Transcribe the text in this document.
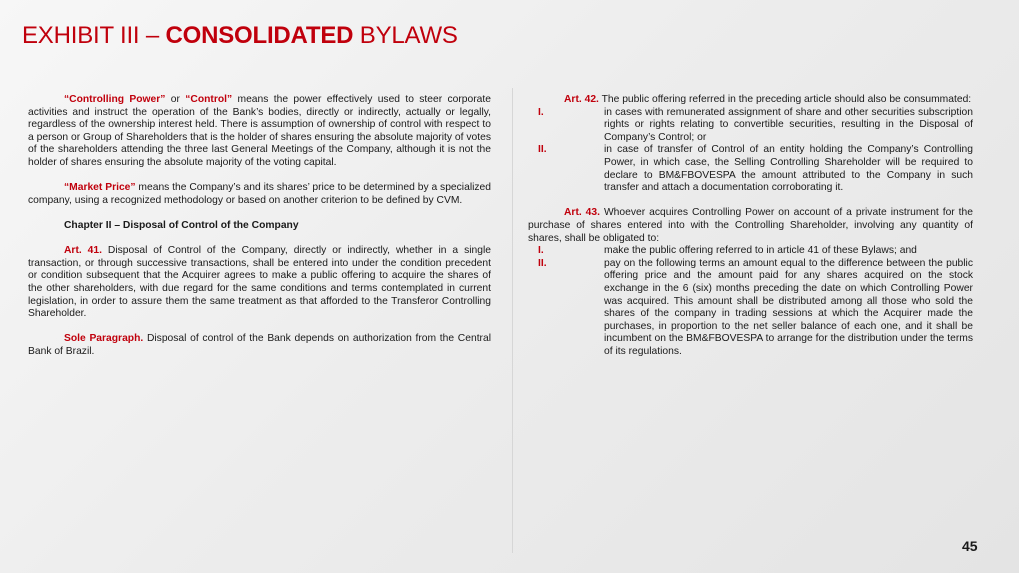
EXHIBIT III – CONSOLIDATED BYLAWS

“Controlling Power” or “Control” means the power effectively used to steer corporate activities and instruct the operation of the Bank’s bodies, directly or indirectly, actually or legally, regardless of the ownership interest held. There is assumption of ownership of control with respect to a person or Group of Shareholders that is the holder of shares ensuring the absolute majority of votes of the shareholders attending the three last General Meetings of the Company, although it is not the holder of shares ensuring the absolute majority of the voting capital.

“Market Price” means the Company’s and its shares’ price to be determined by a specialized company, using a recognized methodology or based on another criterion to be defined by CVM.

Chapter II – Disposal of Control of the Company

Art. 41. Disposal of Control of the Company, directly or indirectly, whether in a single transaction, or through successive transactions, shall be entered into under the condition precedent or condition subsequent that the Acquirer agrees to make a public offering to acquire the shares of the other shareholders, with due regard for the same conditions and terms contemplated in current legislation, in order to assure them the same treatment as that afforded to the Transferor Controlling Shareholder.

Sole Paragraph. Disposal of control of the Bank depends on authorization from the Central Bank of Brazil.

Art. 42. The public offering referred in the preceding article should also be consummated:
I.	in cases with remunerated assignment of share and other securities subscription rights or rights relating to convertible securities, resulting in the Disposal of Company’s Control; or
II.	in case of transfer of Control of an entity holding the Company’s Controlling Power, in which case, the Selling Controlling Shareholder will be required to declare to BM&FBOVESPA the amount attributed to the Company in such transfer and attach a documentation corroborating it.
Art. 43. Whoever acquires Controlling Power on account of a private instrument for the purchase of shares entered into with the Controlling Shareholder, involving any quantity of shares, shall be obligated to:
I.	make the public offering referred to in article 41 of these Bylaws; and
II.	pay on the following terms an amount equal to the difference between the public offering price and the amount paid for any shares acquired on the stock exchange in the 6 (six) months preceding the date on which Controlling Power was acquired. This amount shall be distributed among all those who sold the shares of the company in trading sessions at which the Acquirer made the purchases, in proportion to the net seller balance of each one, and it shall be incumbent on the BM&FBOVESPA to arrange for the distribution under the terms of its regulations.
45
